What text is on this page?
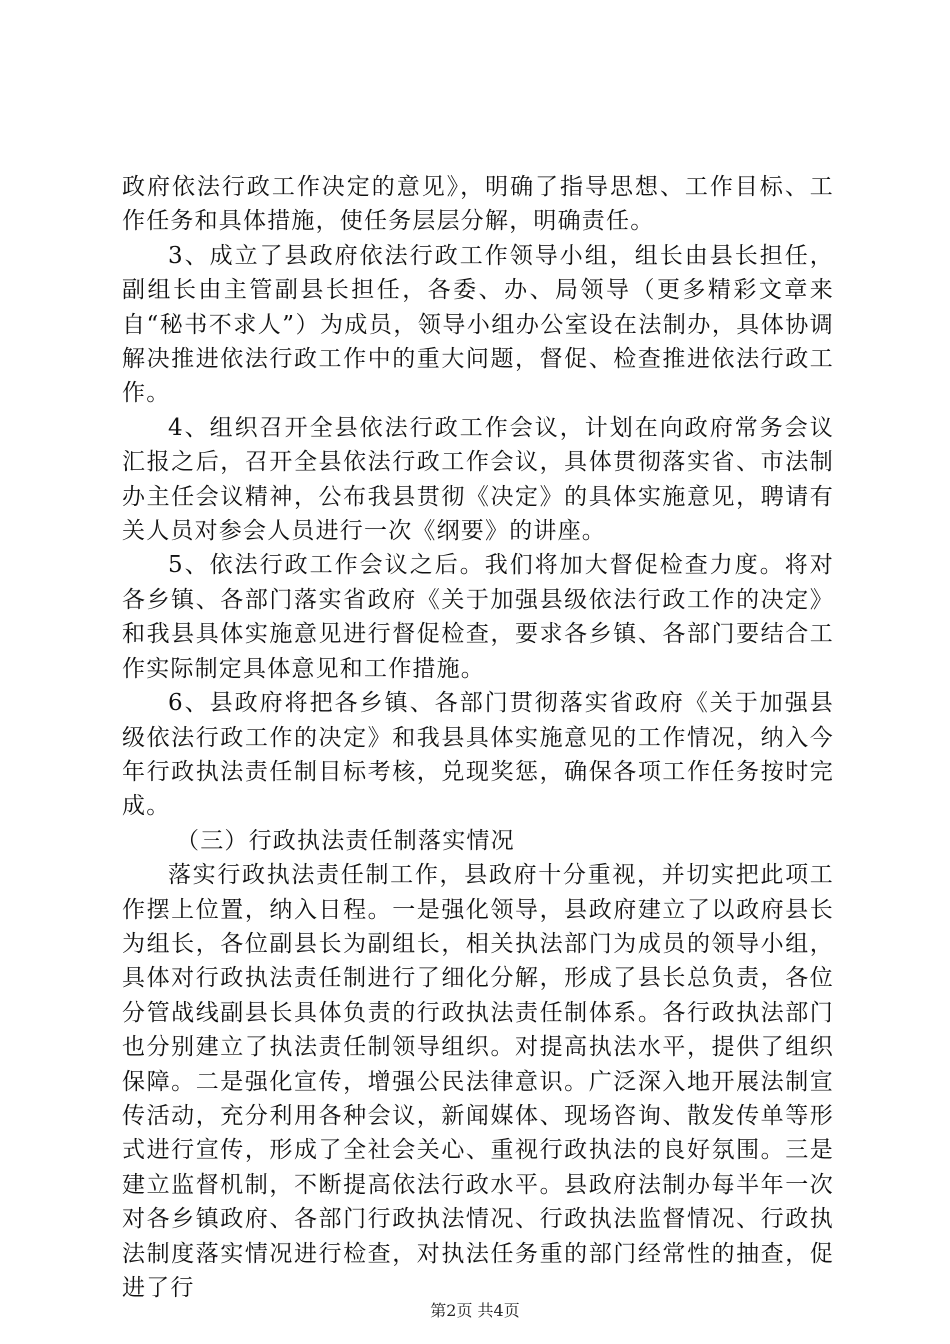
政府依法行政工作决定的意见》，明确了指导思想、工作目标、工作任务和具体措施，使任务层层分解，明确责任。

3、成立了县政府依法行政工作领导小组，组长由县长担任，副组长由主管副县长担任，各委、办、局领导（更多精彩文章来自“秘书不求人”）为成员，领导小组办公室设在法制办，具体协调解决推进依法行政工作中的重大问题，督促、检查推进依法行政工作。

4、组织召开全县依法行政工作会议，计划在向政府常务会议汇报之后，召开全县依法行政工作会议，具体贯彻落实省、市法制办主任会议精神，公布我县贯彻《决定》的具体实施意见，聘请有关人员对参会人员进行一次《纲要》的讲座。

5、依法行政工作会议之后。我们将加大督促检查力度。将对各乡镇、各部门落实省政府《关于加强县级依法行政工作的决定》和我县具体实施意见进行督促检查，要求各乡镇、各部门要结合工作实际制定具体意见和工作措施。

6、县政府将把各乡镇、各部门贯彻落实省政府《关于加强县级依法行政工作的决定》和我县具体实施意见的工作情况，纳入今年行政执法责任制目标考核，兑现奖惩，确保各项工作任务按时完成。

（三）行政执法责任制落实情况

落实行政执法责任制工作，县政府十分重视，并切实把此项工作摆上位置，纳入日程。一是强化领导，县政府建立了以政府县长为组长，各位副县长为副组长，相关执法部门为成员的领导小组，具体对行政执法责任制进行了细化分解，形成了县长总负责，各位分管战线副县长具体负责的行政执法责任制体系。各行政执法部门也分别建立了执法责任制领导组织。对提高执法水平，提供了组织保障。二是强化宣传，增强公民法律意识。广泛深入地开展法制宣传活动，充分利用各种会议，新闻媒体、现场咨询、散发传单等形式进行宣传，形成了全社会关心、重视行政执法的良好氛围。三是建立监督机制，不断提高依法行政水平。县政府法制办每半年一次对各乡镇政府、各部门行政执法情况、行政执法监督情况、行政执法制度落实情况进行检查，对执法任务重的部门经常性的抽查，促进了行

第2页 共4页
